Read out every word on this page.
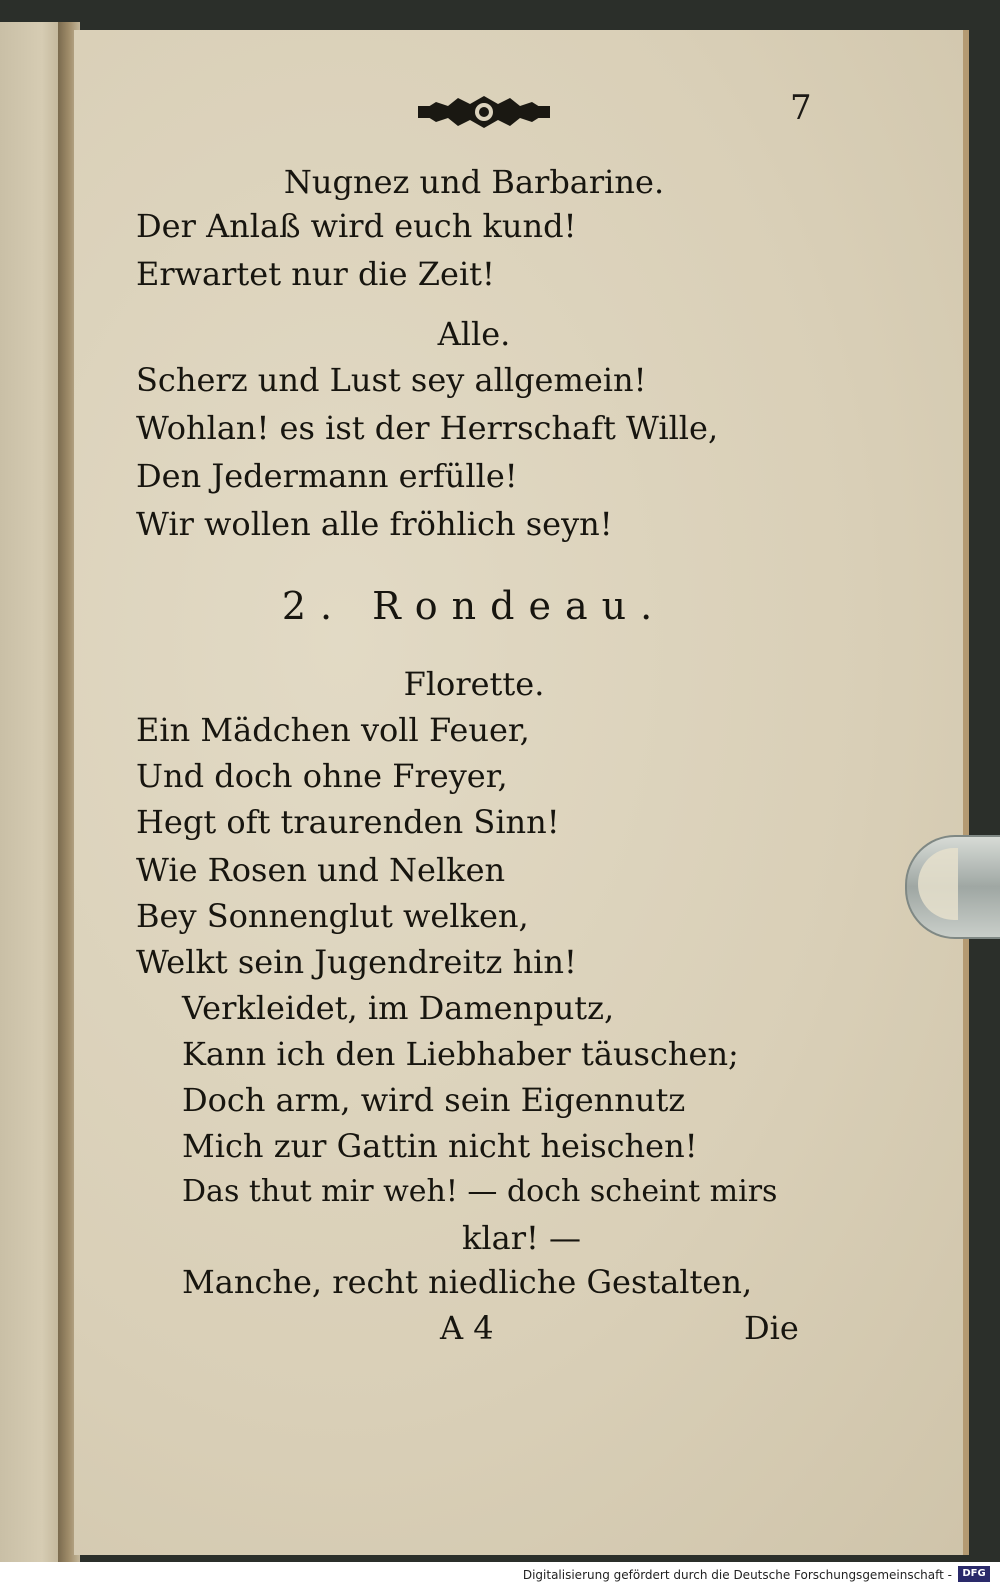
7
Nugnez und Barbarine.
Der Anlaß wird euch kund!
Erwartet nur die Zeit!
Alle.
Scherz und Lust sey allgemein!
Wohlan! es ist der Herrschaft Wille,
Den Jedermann erfülle!
Wir wollen alle fröhlich seyn!
2. Rondeau.
Florette.
Ein Mädchen voll Feuer,
Und doch ohne Freyer,
Hegt oft traurenden Sinn!
Wie Rosen und Nelken
Bey Sonnenglut welken,
Welkt sein Jugendreitz hin!
Verkleidet, im Damenputz,
Kann ich den Liebhaber täuschen;
Doch arm, wird sein Eigennutz
Mich zur Gattin nicht heischen!
Das thut mir weh! — doch scheint mirs
klar! —
Manche, recht niedliche Gestalten,
A 4	Die
Digitalisierung gefördert durch die Deutsche Forschungsgemeinschaft -	DFG
